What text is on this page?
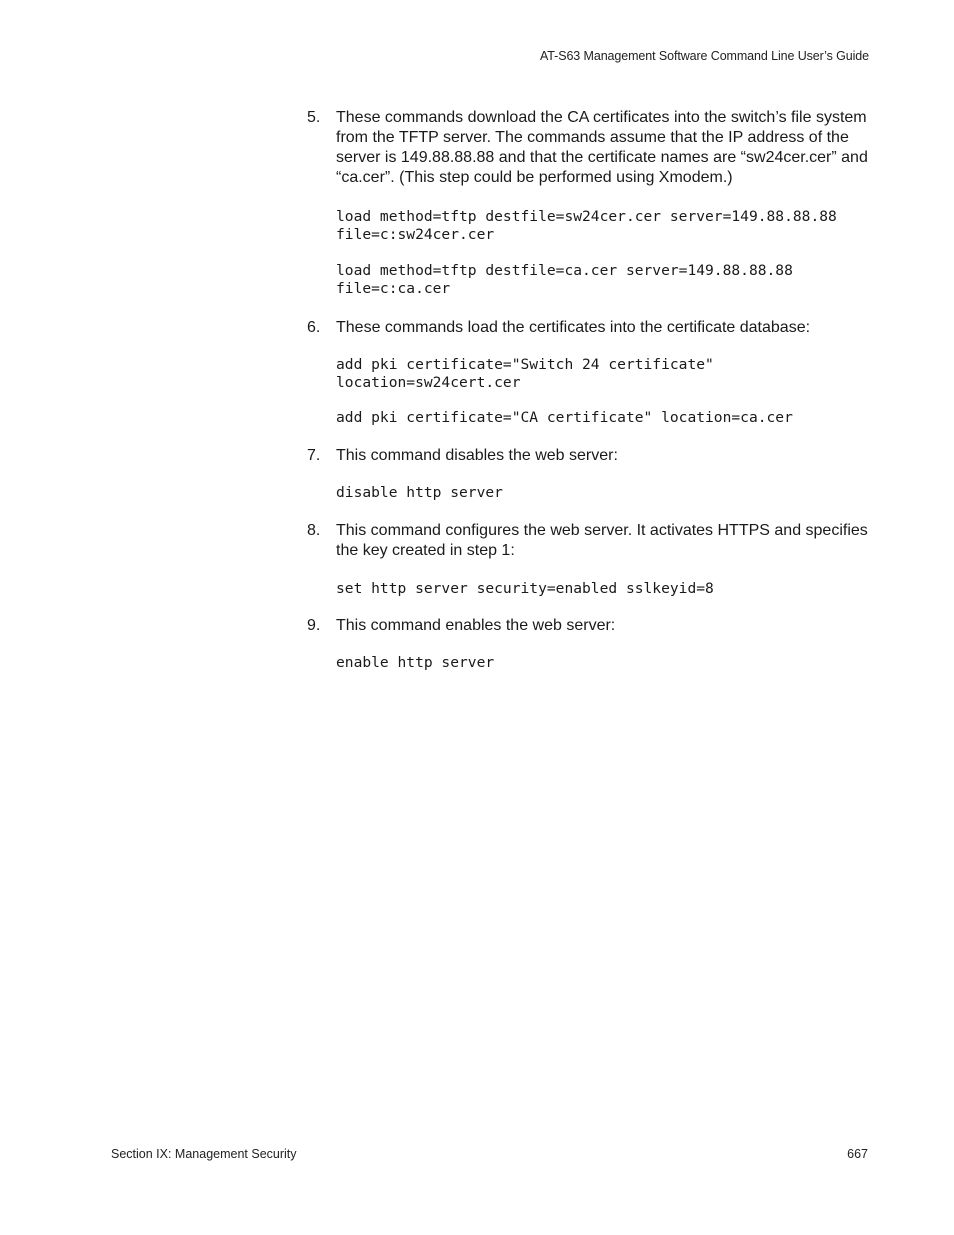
AT-S63 Management Software Command Line User’s Guide
5. These commands download the CA certificates into the switch’s file system from the TFTP server. The commands assume that the IP address of the server is 149.88.88.88 and that the certificate names are “sw24cer.cer” and “ca.cer”. (This step could be performed using Xmodem.)

load method=tftp destfile=sw24cer.cer server=149.88.88.88
file=c:sw24cer.cer
load method=tftp destfile=ca.cer server=149.88.88.88
file=c:ca.cer
6. These commands load the certificates into the certificate database:

add pki certificate="Switch 24 certificate"
location=sw24cert.cer
add pki certificate="CA certificate" location=ca.cer
7. This command disables the web server:

disable http server
8. This command configures the web server. It activates HTTPS and specifies the key created in step 1:

set http server security=enabled sslkeyid=8
9. This command enables the web server:

enable http server
Section IX: Management Security	667
